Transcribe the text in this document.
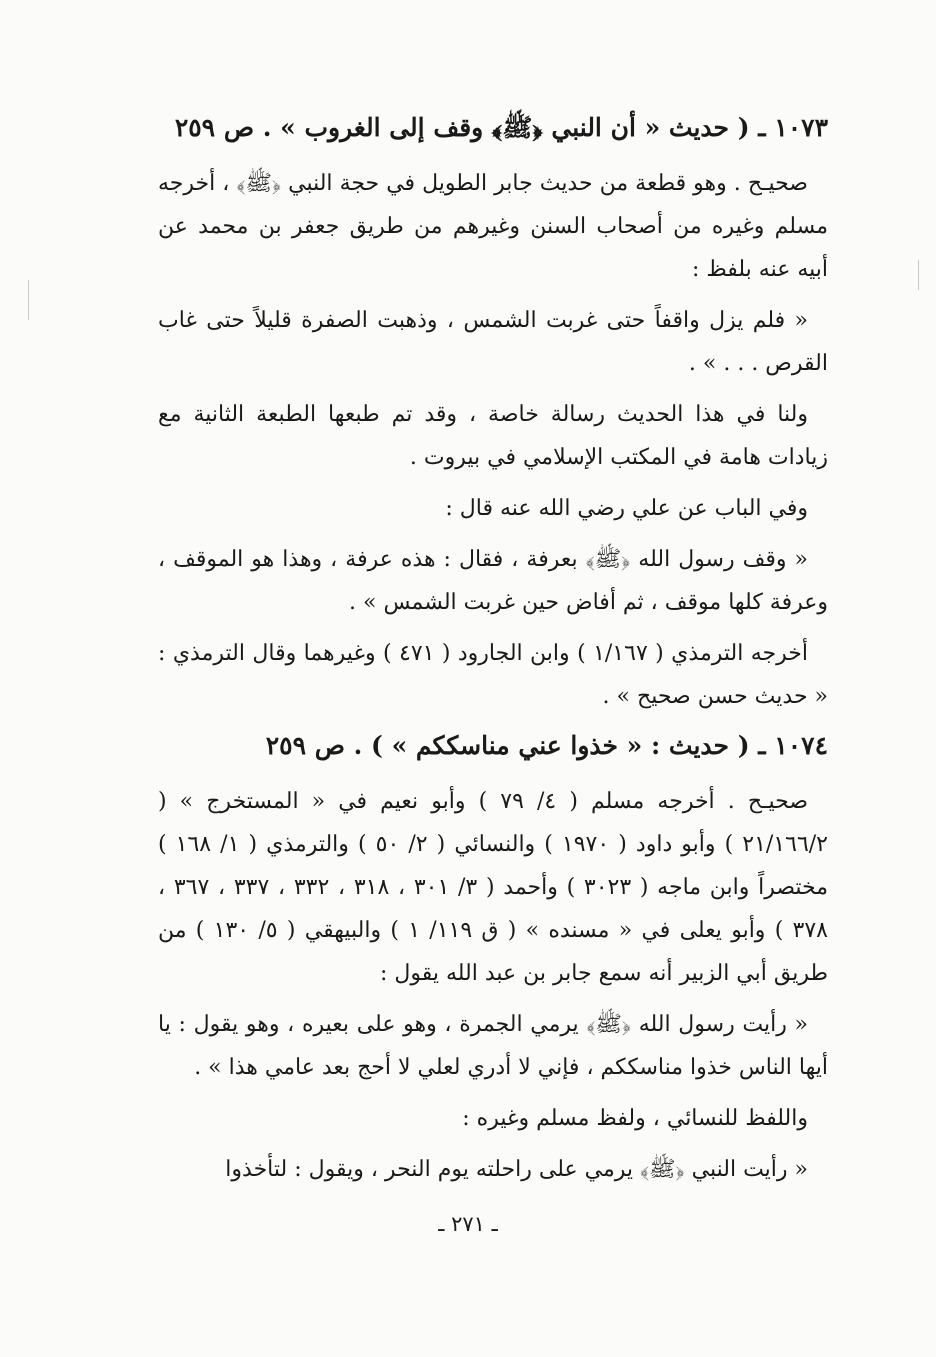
١٠٧٣ ـ ( حديث « أن النبي ﴿ﷺ﴾ وقف إلى الغروب » . ص ٢٥٩

صحيـح . وهو قطعة من حديث جابر الطويل في حجة النبي ﴿ﷺ﴾ ، أخرجه مسلم وغيره من أصحاب السنن وغيرهم من طريق جعفر بن محمد عن أبيه عنه بلفظ :

« فلم يزل واقفاً حتى غربت الشمس ، وذهبت الصفرة قليلاً حتى غاب القرص . . . » .

ولنا في هذا الحديث رسالة خاصة ، وقد تم طبعها الطبعة الثانية مع زيادات هامة في المكتب الإسلامي في بيروت .

وفي الباب عن علي رضي الله عنه قال :

« وقف رسول الله ﴿ﷺ﴾ بعرفة ، فقال : هذه عرفة ، وهذا هو الموقف ، وعرفة كلها موقف ، ثم أفاض حين غربت الشمس » .

أخرجه الترمذي ( ١/١٦٧ ) وابن الجارود ( ٤٧١ ) وغيرهما وقال الترمذي : « حديث حسن صحيح » .

١٠٧٤ ـ ( حديث : « خذوا عني مناسككم » ) . ص ٢٥٩

صحيـح . أخرجه مسلم ( ٤/ ٧٩ ) وأبو نعيم في « المستخرج » ( ٢١/١٦٦/٢ ) وأبو داود ( ١٩٧٠ ) والنسائي ( ٢/ ٥٠ ) والترمذي ( ١/ ١٦٨ ) مختصراً وابن ماجه ( ٣٠٢٣ ) وأحمد ( ٣/ ٣٠١ ، ٣١٨ ، ٣٣٢ ، ٣٣٧ ، ٣٦٧ ، ٣٧٨ ) وأبو يعلى في « مسنده » ( ق ١١٩/ ١ ) والبيهقي ( ٥/ ١٣٠ ) من طريق أبي الزبير أنه سمع جابر بن عبد الله يقول :

« رأيت رسول الله ﴿ﷺ﴾ يرمي الجمرة ، وهو على بعيره ، وهو يقول : يا أيها الناس خذوا مناسككم ، فإني لا أدري لعلي لا أحج بعد عامي هذا » .

واللفظ للنسائي ، ولفظ مسلم وغيره :

« رأيت النبي ﴿ﷺ﴾ يرمي على راحلته يوم النحر ، ويقول : لتأخذوا

ـ ٢٧١ ـ
